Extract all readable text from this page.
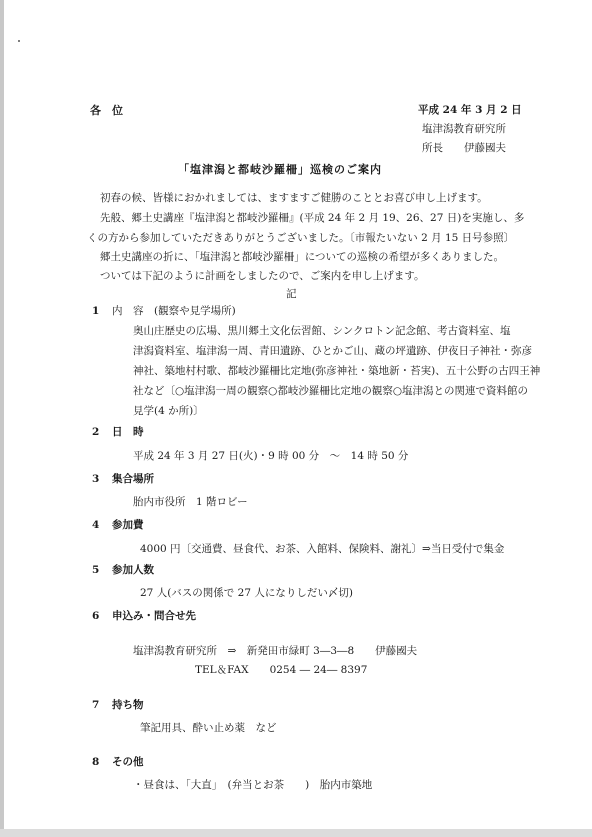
各　位	平成 24 年 3 月 2 日
塩津潟教育研究所
所長　　伊藤國夫
「塩津潟と都岐沙羅柵」巡検のご案内
初春の候、皆様におかれましては、ますますご健勝のこととお喜び申し上げます。
先般、郷土史講座『塩津潟と都岐沙羅柵』(平成 24 年 2 月 19、26、27 日)を実施し、多
くの方から参加していただきありがとうございました。〔市報たいない 2 月 15 日号参照〕
郷土史講座の折に、「塩津潟と都岐沙羅柵」についての巡検の希望が多くありました。
ついては下記のように計画をしましたので、ご案内を申し上げます。
記
1 内　容　(観察や見学場所)
奥山庄歴史の広場、黒川郷土文化伝習館、シンクロトン記念館、考古資料室、塩
津潟資料室、塩津潟一周、青田遺跡、ひとかご山、蔵の坪遺跡、伊夜日子神社・弥彦
神社、築地村村歌、都岐沙羅柵比定地(弥彦神社・築地新・苔実)、五十公野の古四王神
社など〔○塩津潟一周の観察○都岐沙羅柵比定地の観察○塩津潟との関連で資料館の
見学(4 か所)〕
2 日　時
平成 24 年 3 月 27 日(火)・9 時 00 分　～　14 時 50 分
3 集合場所
胎内市役所　1 階ロビー
4 参加費
4000 円〔交通費、昼食代、お茶、入館料、保険料、謝礼〕⇒当日受付で集金
5 参加人数
27 人(バスの関係で 27 人になりしだい〆切)
6 申込み・問合せ先
塩津潟教育研究所　⇒　新発田市緑町 3―3―8　　伊藤國夫
TEL＆FAX　　0254 ― 24― 8397
7 持ち物
筆記用具、酔い止め薬　など
8 その他
・昼食は、「大直」　(弁当とお茶　　)　胎内市築地
